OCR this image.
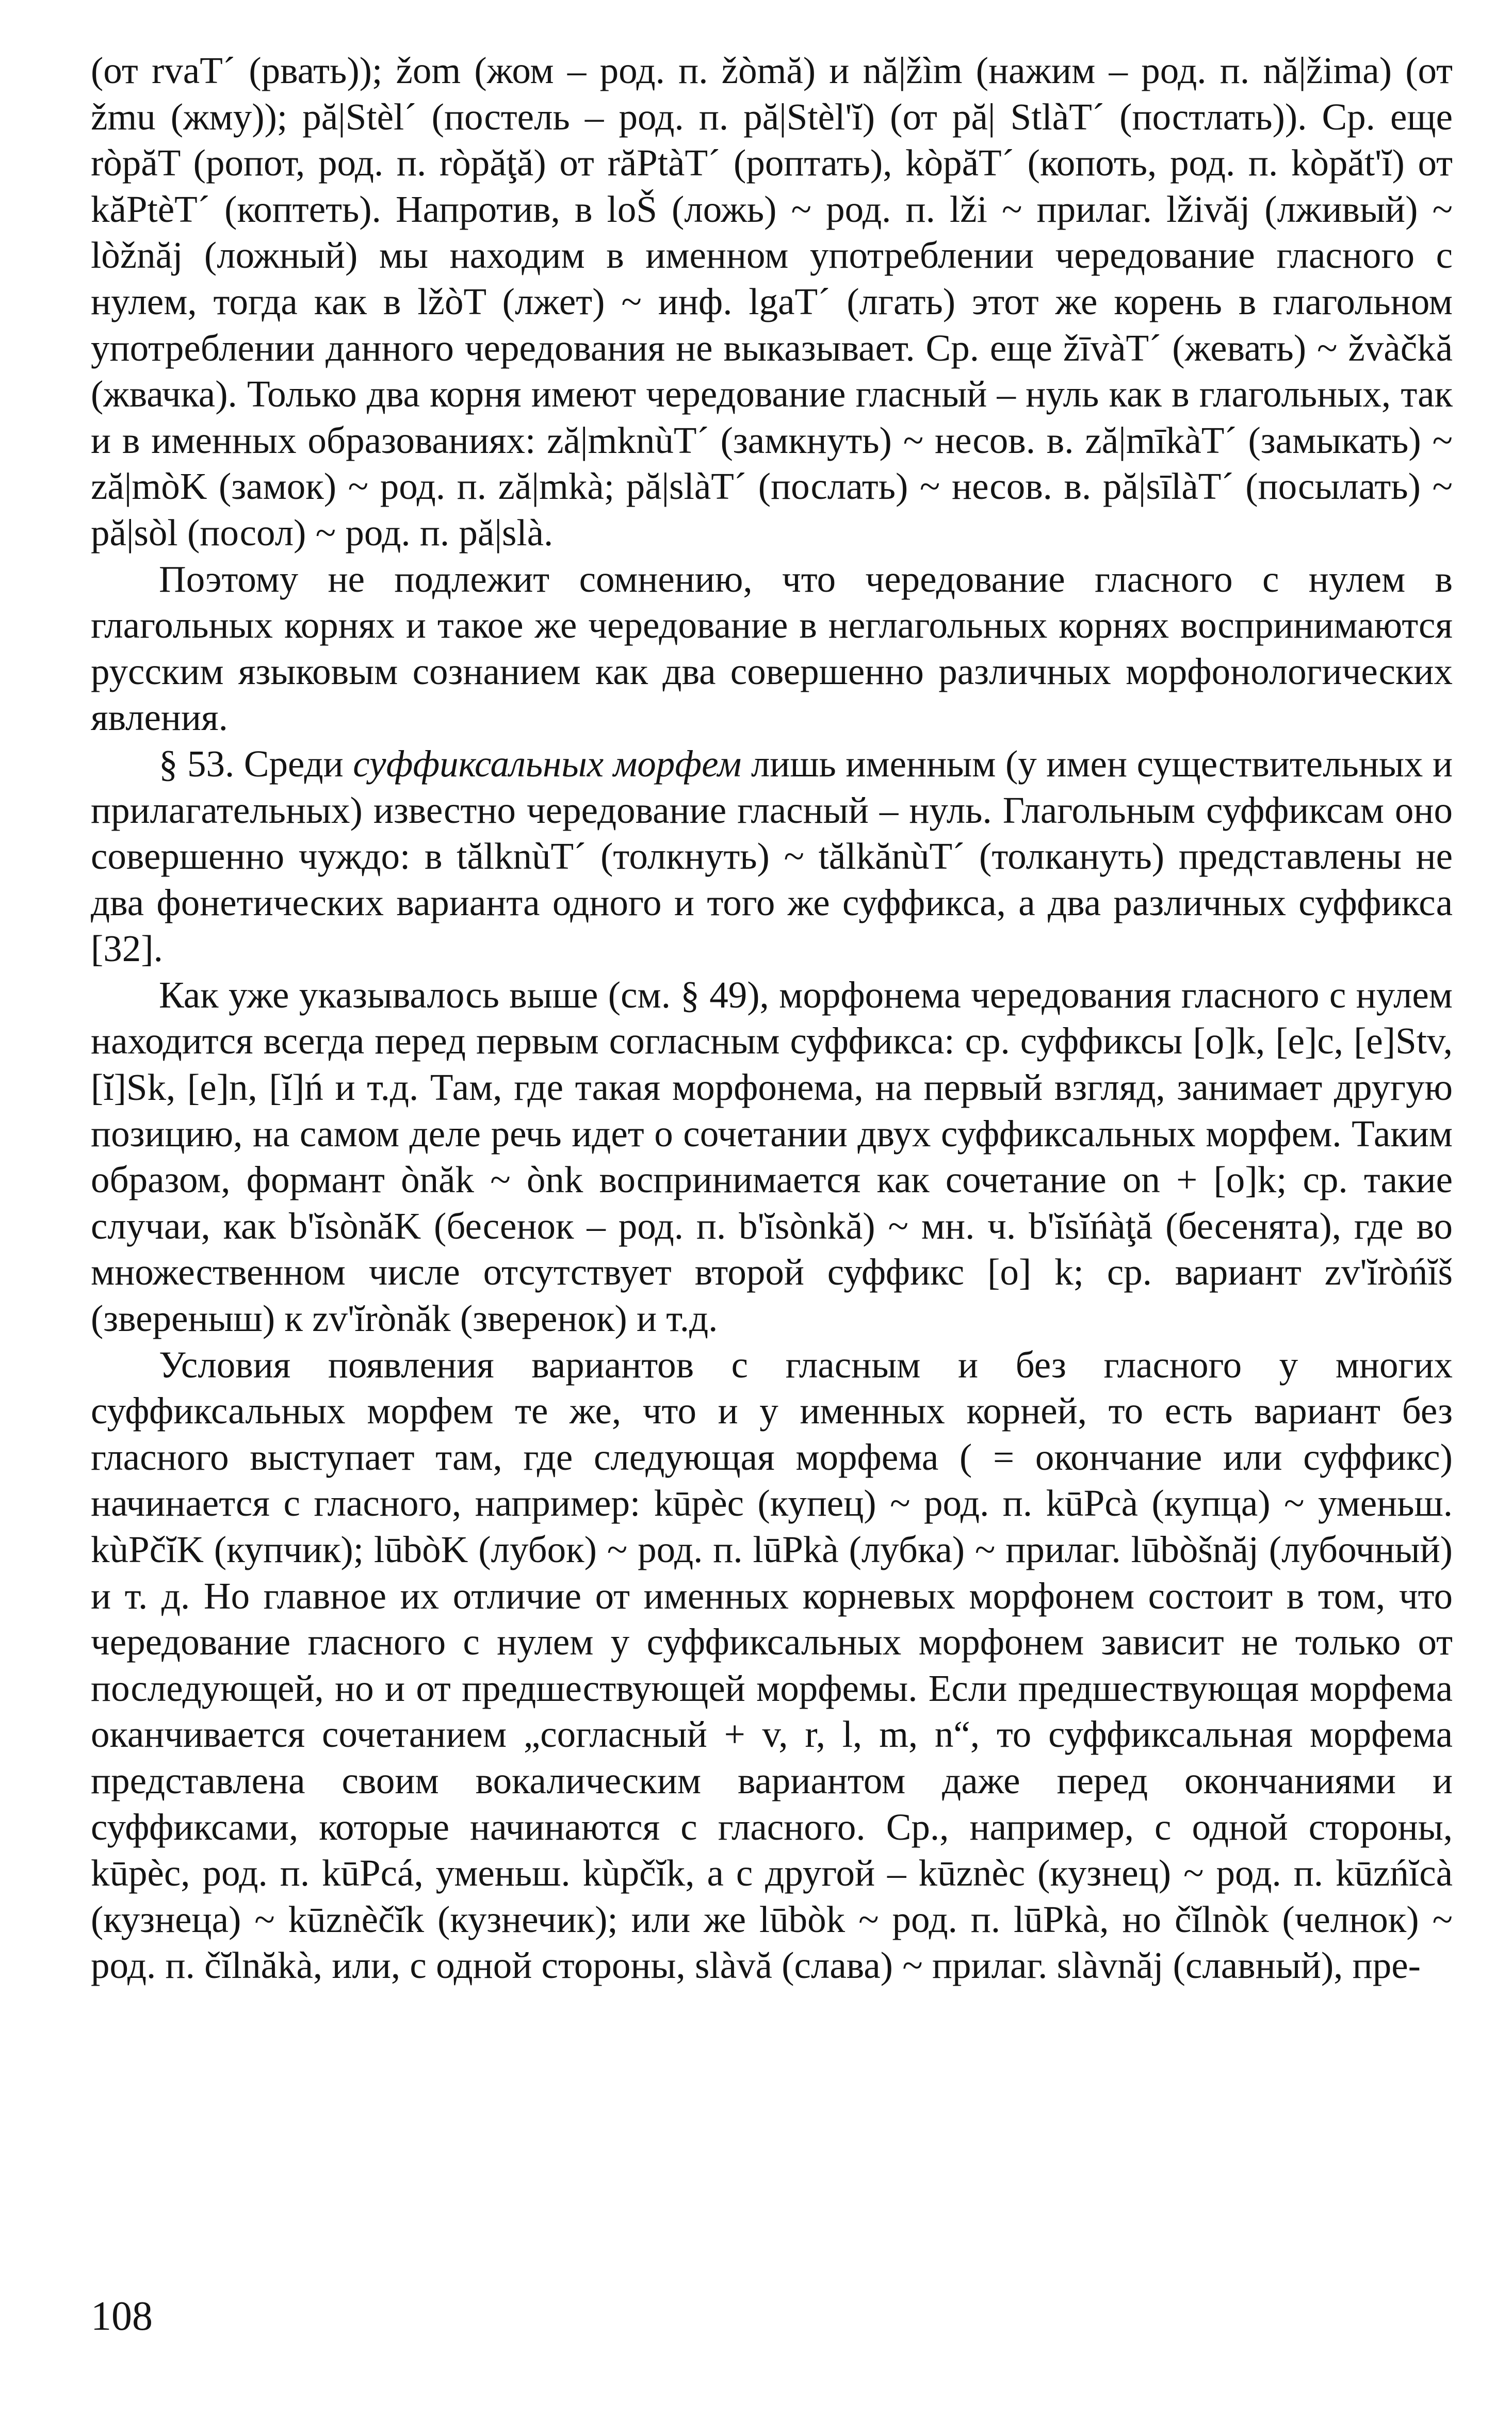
(от rvaT´ (рвать)); žom (жом – род. п. žòmă) и nă|žìm (нажим – род. п. nă|žima) (от žmu (жму)); pă|Stèl´ (постель – род. п. pă|Stèl'ĭ) (от pă| StlàT´ (постлать)). Ср. еще ròpăT (ропот, род. п. ròpăţă) от răPtàT´ (роптать), kòpăT´ (копоть, род. п. kòpăt'ĭ) от kăPtèT´ (коптеть). Напротив, в loŠ (ложь) ~ род. п. lži ~ прилаг. lživăj (лживый) ~ lòžnăj (ложный) мы находим в именном употреблении чередование гласного с нулем, тогда как в lžòT (лжет) ~ инф. lgaT´ (лгать) этот же корень в глагольном употреблении данного чередования не выказывает. Ср. еще žīvàT´ (жевать) ~ žvàčkă (жвачка). Только два корня имеют чередование гласный – нуль как в глагольных, так и в именных образованиях: ză|mknùT´ (замкнуть) ~ несов. в. ză|mīkàT´ (замыкать) ~ ză|mòK (замок) ~ род. п. ză|mkà; pă|slàT´ (послать) ~ несов. в. pă|sīlàT´ (посылать) ~ pă|sòl (посол) ~ род. п. pă|slà.

Поэтому не подлежит сомнению, что чередование гласного с нулем в глагольных корнях и такое же чередование в неглагольных корнях воспринимаются русским языковым сознанием как два совершенно различных морфонологических явления.

§ 53. Среди суффиксальных морфем лишь именным (у имен существительных и прилагательных) известно чередование гласный – нуль. Глагольным суффиксам оно совершенно чуждо: в tălknùT´ (толкнуть) ~ tălkănùT´ (толкануть) представлены не два фонетических варианта одного и того же суффикса, а два различных суффикса [32].

Как уже указывалось выше (см. § 49), морфонема чередования гласного с нулем находится всегда перед первым согласным суффикса: ср. суффиксы [o]k, [e]c, [e]Stv, [ĭ]Sk, [e]n, [ĭ]ń и т.д. Там, где такая морфонема, на первый взгляд, занимает другую позицию, на самом деле речь идет о сочетании двух суффиксальных морфем. Таким образом, формант ònăk ~ ònk воспринимается как сочетание on + [o]k; ср. такие случаи, как b'ĭsònăK (бесенок – род. п. b'ĭsònkă) ~ мн. ч. b'ĭsĭńàţă (бесенята), где во множественном числе отсутствует второй суффикс [o] k; ср. вариант zv'ĭròńĭš (звереныш) к zv'ĭrònăk (зверенок) и т.д.

Условия появления вариантов с гласным и без гласного у многих суффиксальных морфем те же, что и у именных корней, то есть вариант без гласного выступает там, где следующая морфема ( = окончание или суффикс) начинается с гласного, например: kūpèc (купец) ~ род. п. kūPcà (купца) ~ уменьш. kùPčĭK (купчик); lūbòK (лубок) ~ род. п. lūPkà (лубка) ~ прилаг. lūbòšnăj (лубочный) и т. д. Но главное их отличие от именных корневых морфонем состоит в том, что чередование гласного с нулем у суффиксальных морфонем зависит не только от последующей, но и от предшествующей морфемы. Если предшествующая морфема оканчивается сочетанием „согласный + v, r, l, m, n“, то суффиксальная морфема представлена своим вокалическим вариантом даже перед окончаниями и суффиксами, которые начинаются с гласного. Ср., например, с одной стороны, kūpèc, род. п. kūPcá, уменьш. kùpčĭk, а с другой – kūznèc (кузнец) ~ род. п. kūzńĭcà (кузнеца) ~ kūznèčĭk (кузнечик); или же lūbòk ~ род. п. lūPkà, но čĭlnòk (челнок) ~ род. п. čĭlnăkà, или, с одной стороны, slàvă (слава) ~ прилаг. slàvnăj (славный), пре-

108
